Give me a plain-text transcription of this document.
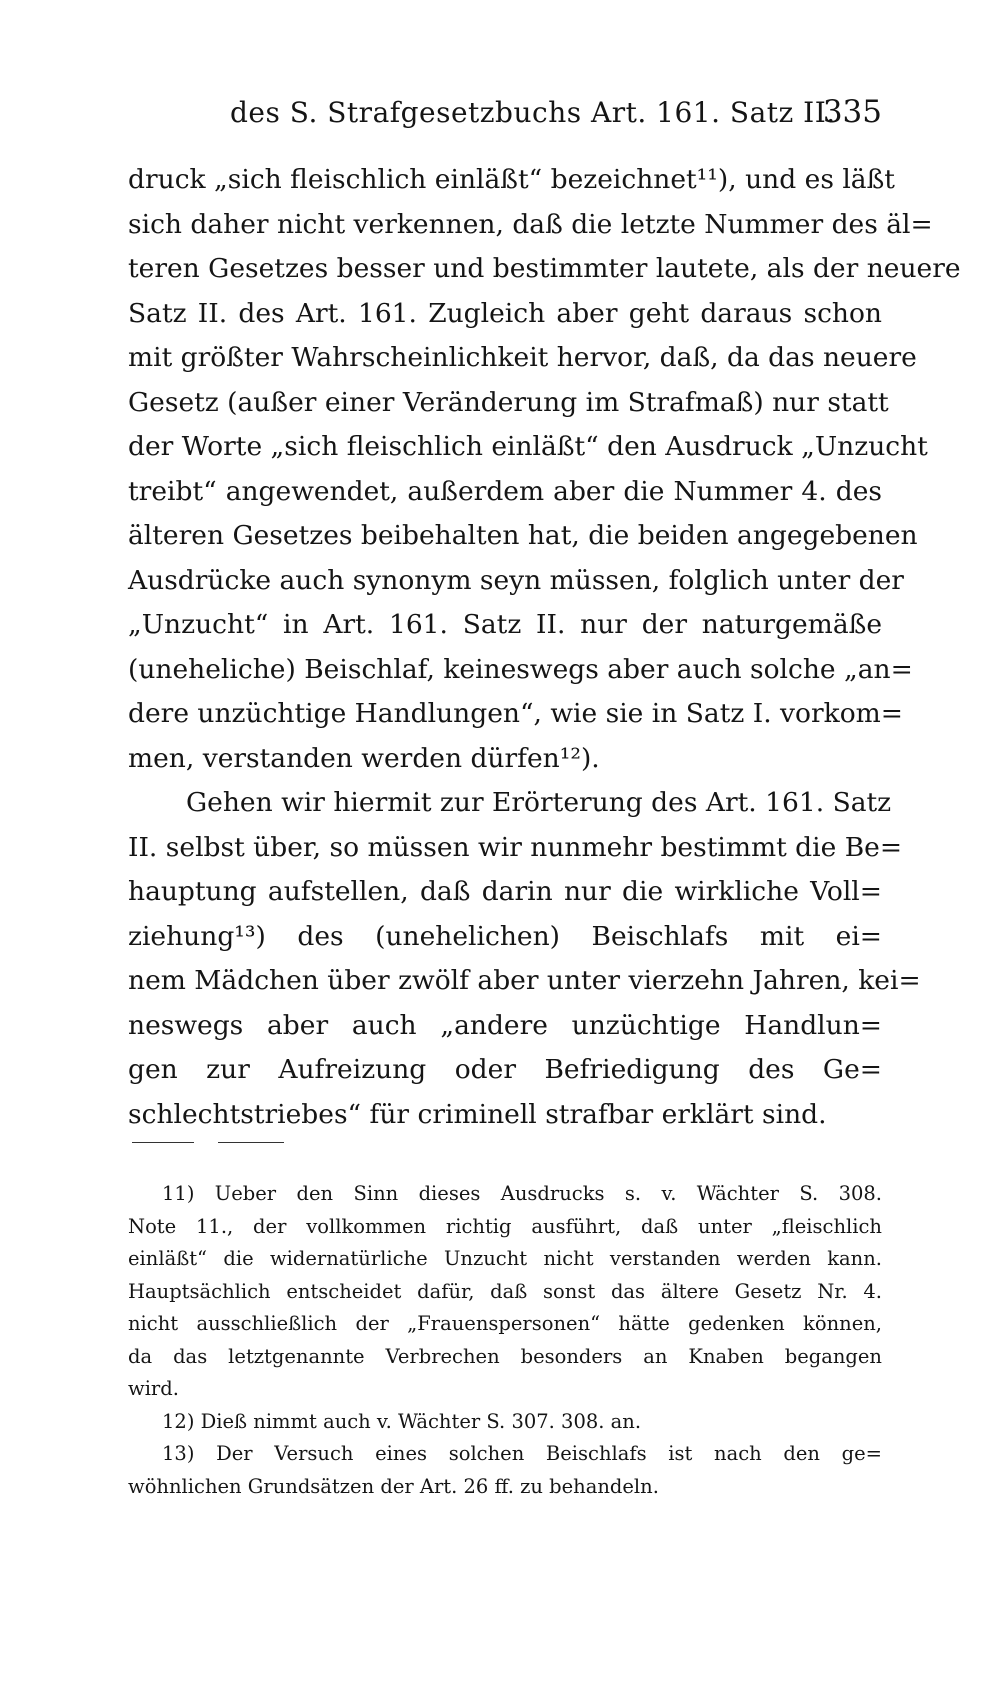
des S. Strafgesetzbuchs Art. 161. Satz II.
335
druck „sich fleischlich einläßt“ bezeichnet¹¹), und es läßt
sich daher nicht verkennen, daß die letzte Nummer des äl=
teren Gesetzes besser und bestimmter lautete, als der neuere
Satz II. des Art. 161. Zugleich aber geht daraus schon
mit größter Wahrscheinlichkeit hervor, daß, da das neuere
Gesetz (außer einer Veränderung im Strafmaß) nur statt
der Worte „sich fleischlich einläßt“ den Ausdruck „Unzucht
treibt“ angewendet, außerdem aber die Nummer 4. des
älteren Gesetzes beibehalten hat, die beiden angegebenen
Ausdrücke auch synonym seyn müssen, folglich unter der
„Unzucht“ in Art. 161. Satz II. nur der naturgemäße
(uneheliche) Beischlaf, keineswegs aber auch solche „an=
dere unzüchtige Handlungen“, wie sie in Satz I. vorkom=
men, verstanden werden dürfen¹²).
Gehen wir hiermit zur Erörterung des Art. 161. Satz
II. selbst über, so müssen wir nunmehr bestimmt die Be=
hauptung aufstellen, daß darin nur die wirkliche Voll=
ziehung¹³) des (unehelichen) Beischlafs mit ei=
nem Mädchen über zwölf aber unter vierzehn Jahren, kei=
neswegs aber auch „andere unzüchtige Handlun=
gen zur Aufreizung oder Befriedigung des Ge=
schlechtstriebes“ für criminell strafbar erklärt sind.
11) Ueber den Sinn dieses Ausdrucks s. v. Wächter S. 308.
Note 11., der vollkommen richtig ausführt, daß unter „fleischlich
einläßt“ die widernatürliche Unzucht nicht verstanden werden kann.
Hauptsächlich entscheidet dafür, daß sonst das ältere Gesetz Nr. 4.
nicht ausschließlich der „Frauenspersonen“ hätte gedenken können,
da das letztgenannte Verbrechen besonders an Knaben begangen
wird.
12) Dieß nimmt auch v. Wächter S. 307. 308. an.
13) Der Versuch eines solchen Beischlafs ist nach den ge=
wöhnlichen Grundsätzen der Art. 26 ff. zu behandeln.
